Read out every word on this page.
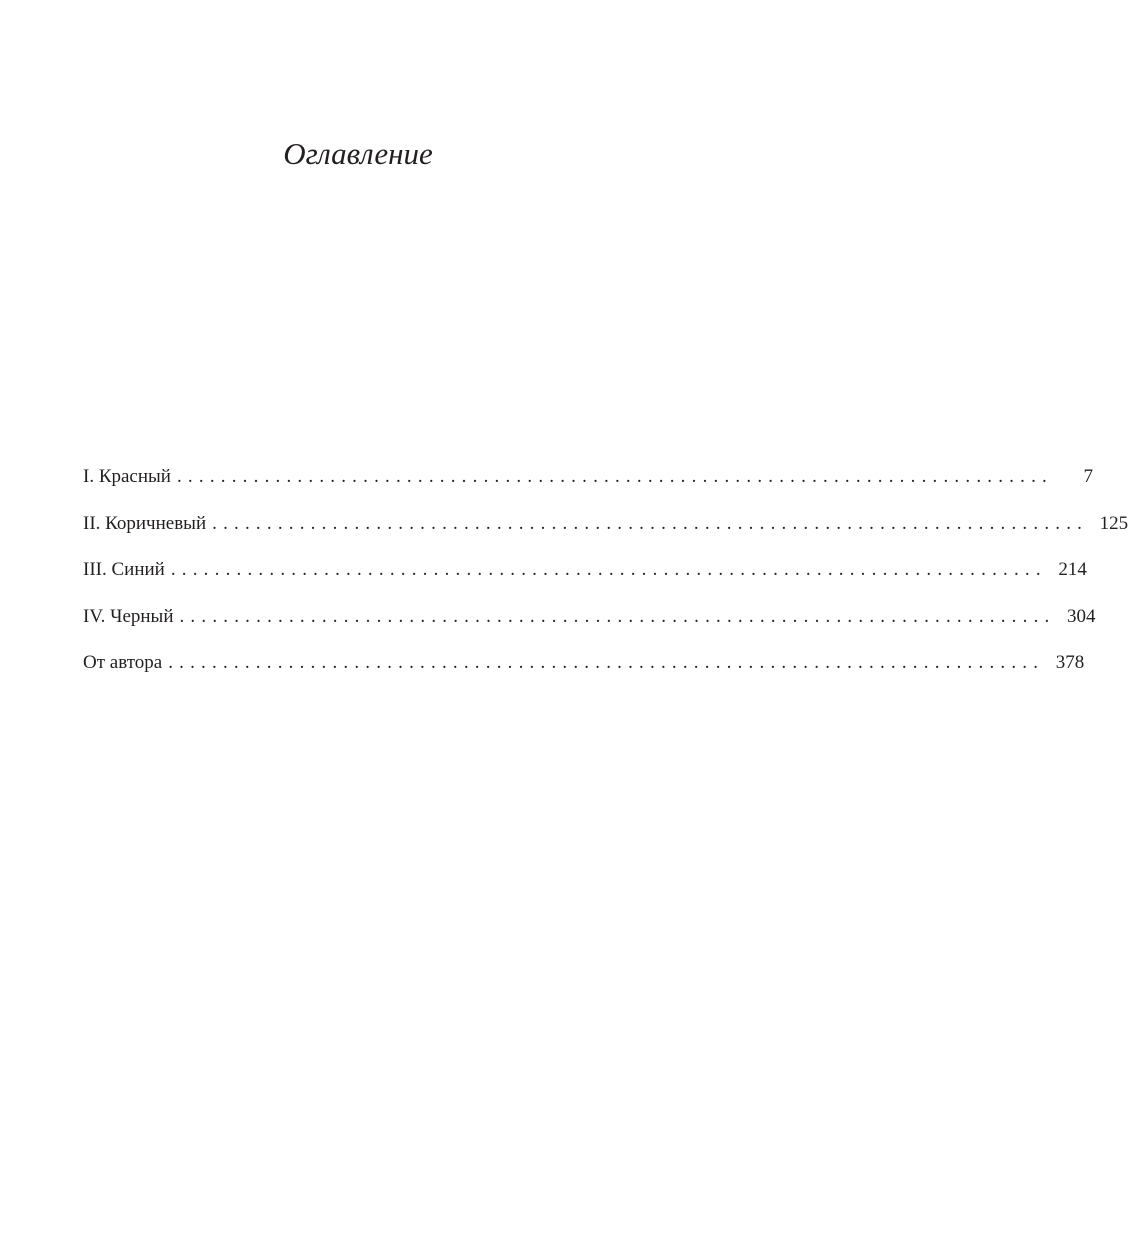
Оглавление
I. Красный ................................................................................	7
II. Коричневый ................................................................................ 125
III. Синий ................................................................................ 214
IV. Черный ................................................................................ 304
От автора ................................................................................ 378
